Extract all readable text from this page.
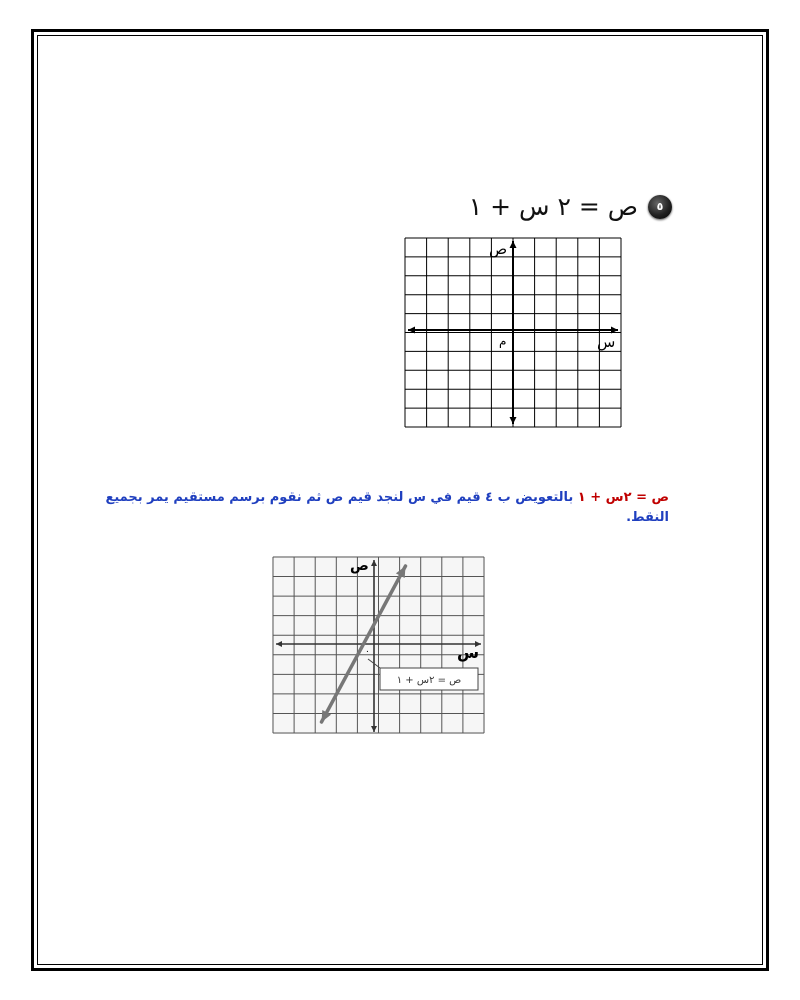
٥
ص = ٢ س + ١
ص
س
م
ص = ٢س + ١ بالتعويض ب ٤ قيم في س لنجد قيم ص ثم نقوم برسم مستقيم يمر بجميع النقط.
ص
س
٠
ص = ٢س + ١
